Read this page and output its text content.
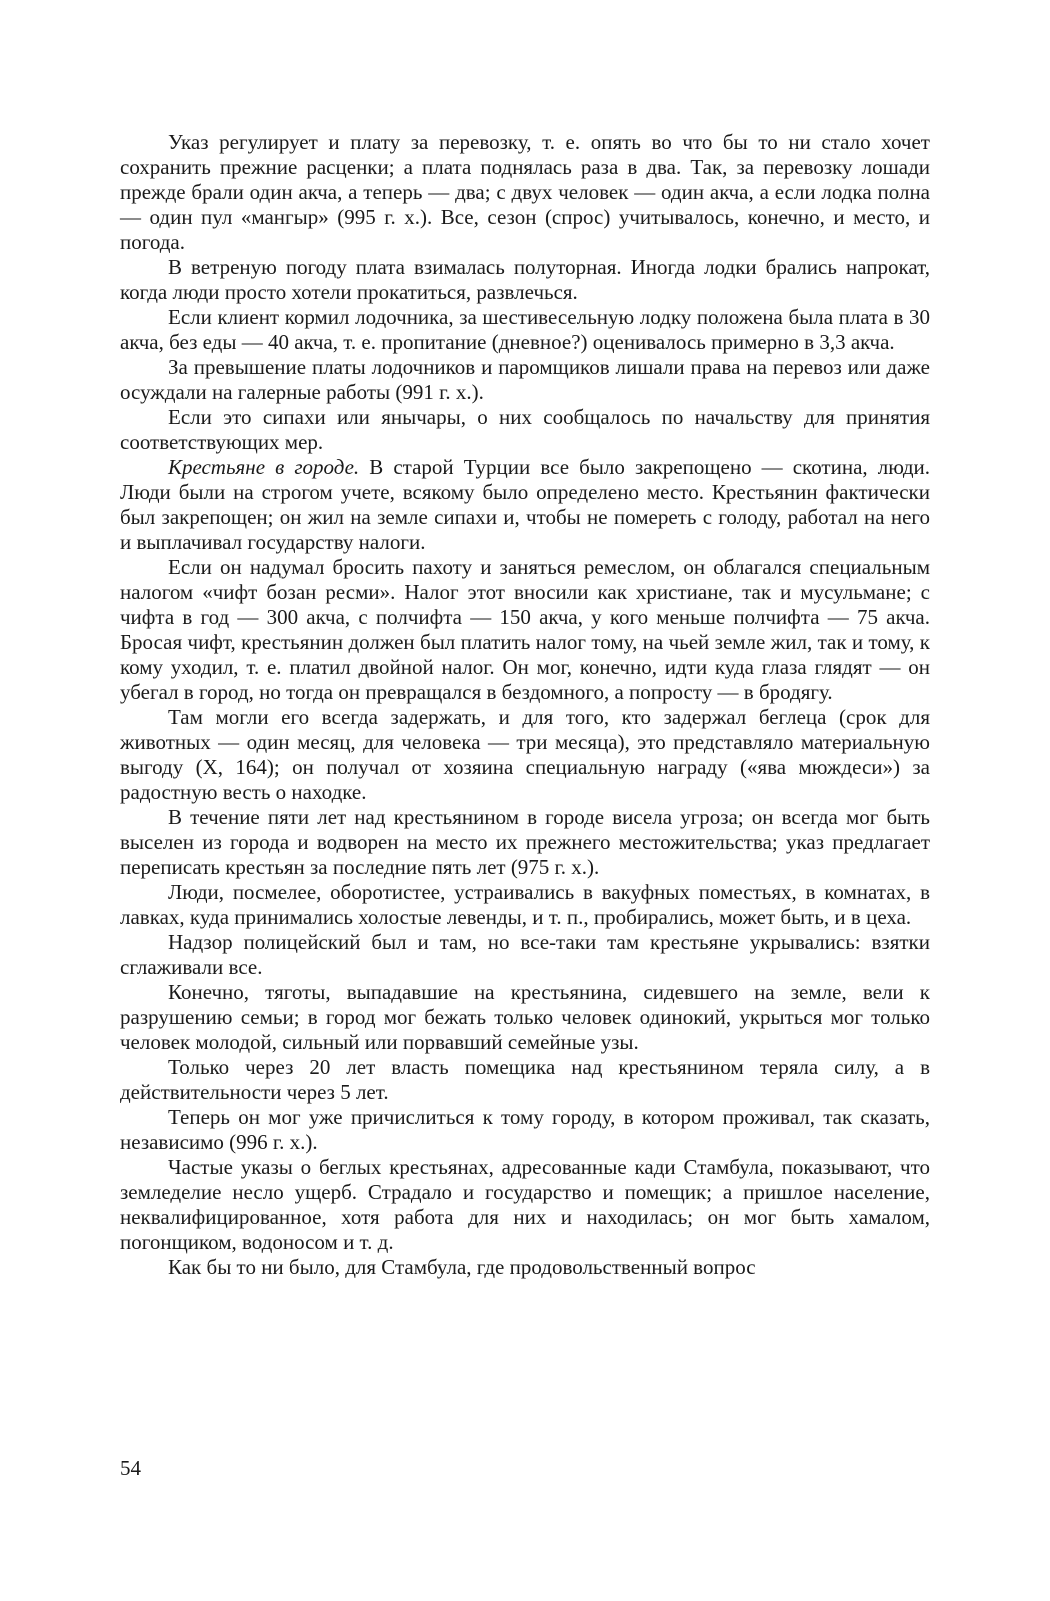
Указ регулирует и плату за перевозку, т. е. опять во что бы то ни стало хочет сохранить прежние расценки; а плата поднялась раза в два. Так, за перевозку лошади прежде брали один акча, а теперь — два; с двух человек — один акча, а если лодка полна — один пул «мангыр» (995 г. х.). Все, сезон (спрос) учитывалось, конечно, и место, и погода.

В ветреную погоду плата взималась полуторная. Иногда лодки брались напрокат, когда люди просто хотели прокатиться, развлечься.

Если клиент кормил лодочника, за шестивесельную лодку положена была плата в 30 акча, без еды — 40 акча, т. е. пропитание (дневное?) оценивалось примерно в 3,3 акча.

За превышение платы лодочников и паромщиков лишали права на перевоз или даже осуждали на галерные работы (991 г. х.).

Если это сипахи или янычары, о них сообщалось по начальству для принятия соответствующих мер.

Крестьяне в городе. В старой Турции все было закрепощено — скотина, люди. Люди были на строгом учете, всякому было определено место. Крестьянин фактически был закрепощен; он жил на земле сипахи и, чтобы не помереть с голоду, работал на него и выплачивал государству налоги.

Если он надумал бросить пахоту и заняться ремеслом, он облагался специальным налогом «чифт бозан ресми». Налог этот вносили как христиане, так и мусульмане; с чифта в год — 300 акча, с полчифта — 150 акча, у кого меньше полчифта — 75 акча. Бросая чифт, крестьянин должен был платить налог тому, на чьей земле жил, так и тому, к кому уходил, т. е. платил двойной налог. Он мог, конечно, идти куда глаза глядят — он убегал в город, но тогда он превращался в бездомного, а попросту — в бродягу.

Там могли его всегда задержать, и для того, кто задержал беглеца (срок для животных — один месяц, для человека — три месяца), это представляло материальную выгоду (X, 164); он получал от хозяина специальную награду («ява мюждеси») за радостную весть о находке.

В течение пяти лет над крестьянином в городе висела угроза; он всегда мог быть выселен из города и водворен на место их прежнего местожительства; указ предлагает переписать крестьян за последние пять лет (975 г. х.).

Люди, посмелее, оборотистее, устраивались в вакуфных поместьях, в комнатах, в лавках, куда принимались холостые левенды, и т. п., пробирались, может быть, и в цеха.

Надзор полицейский был и там, но все-таки там крестьяне укрывались: взятки сглаживали все.

Конечно, тяготы, выпадавшие на крестьянина, сидевшего на земле, вели к разрушению семьи; в город мог бежать только человек одинокий, укрыться мог только человек молодой, сильный или порвавший семейные узы.

Только через 20 лет власть помещика над крестьянином теряла силу, а в действительности через 5 лет.

Теперь он мог уже причислиться к тому городу, в котором проживал, так сказать, независимо (996 г. х.).

Частые указы о беглых крестьянах, адресованные кади Стамбула, показывают, что земледелие несло ущерб. Страдало и государство и помещик; а пришлое население, неквалифицированное, хотя работа для них и находилась; он мог быть хамалом, погонщиком, водоносом и т. д.

Как бы то ни было, для Стамбула, где продовольственный вопрос

54
